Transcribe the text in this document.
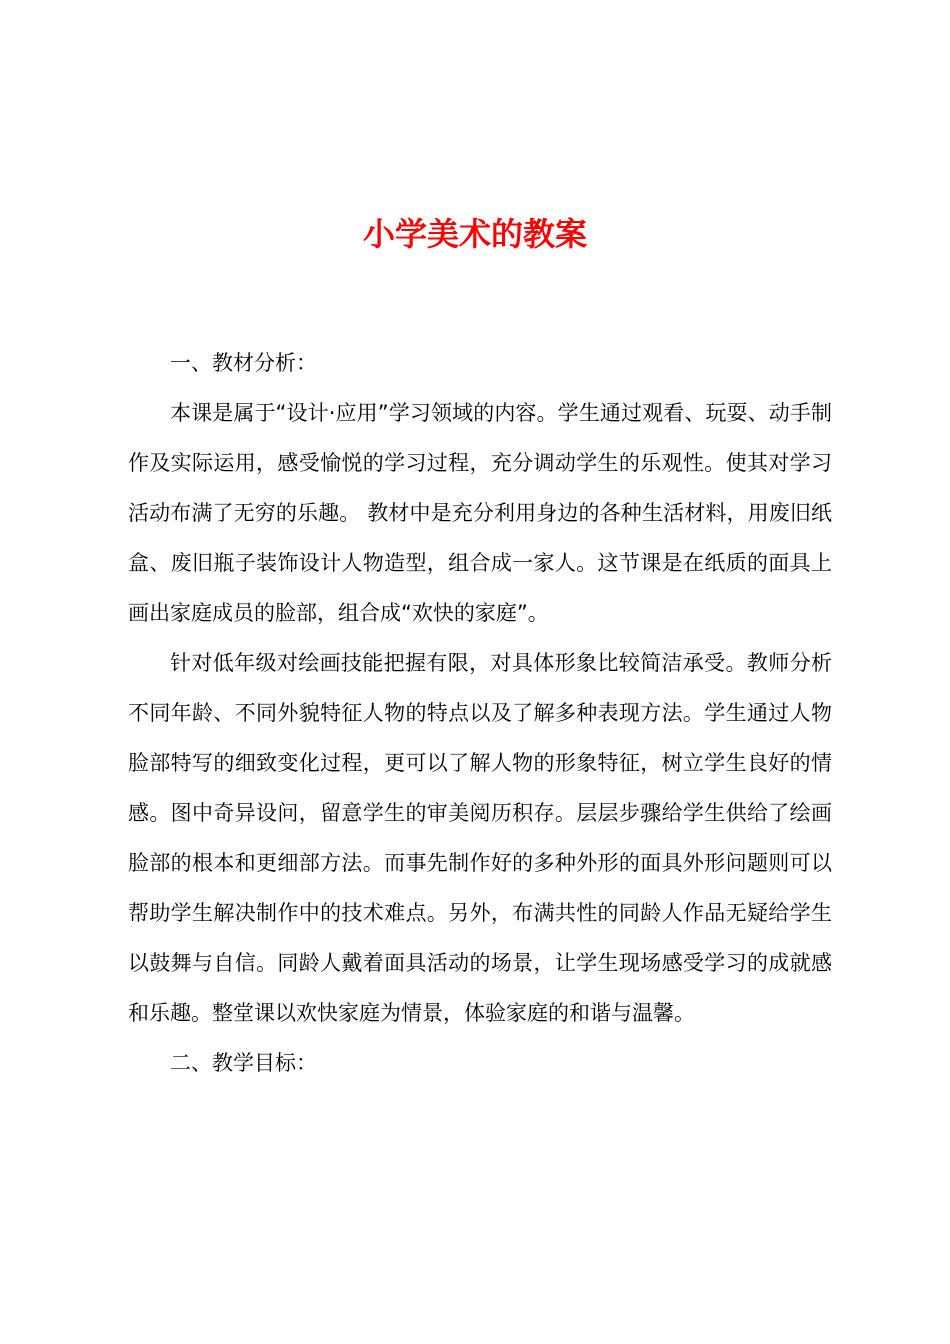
小学美术的教案

一、教材分析：

本课是属于“设计·应用”学习领域的内容。学生通过观看、玩耍、动手制作及实际运用，感受愉悦的学习过程，充分调动学生的乐观性。使其对学习活动布满了无穷的乐趣。 教材中是充分利用身边的各种生活材料，用废旧纸盒、废旧瓶子装饰设计人物造型，组合成一家人。这节课是在纸质的面具上画出家庭成员的脸部，组合成“欢快的家庭”。

针对低年级对绘画技能把握有限，对具体形象比较简洁承受。教师分析不同年龄、不同外貌特征人物的特点以及了解多种表现方法。学生通过人物脸部特写的细致变化过程，更可以了解人物的形象特征，树立学生良好的情感。图中奇异设问，留意学生的审美阅历积存。层层步骤给学生供给了绘画脸部的根本和更细部方法。而事先制作好的多种外形的面具外形问题则可以帮助学生解决制作中的技术难点。另外，布满共性的同龄人作品无疑给学生以鼓舞与自信。同龄人戴着面具活动的场景，让学生现场感受学习的成就感和乐趣。整堂课以欢快家庭为情景，体验家庭的和谐与温馨。

二、教学目标：
